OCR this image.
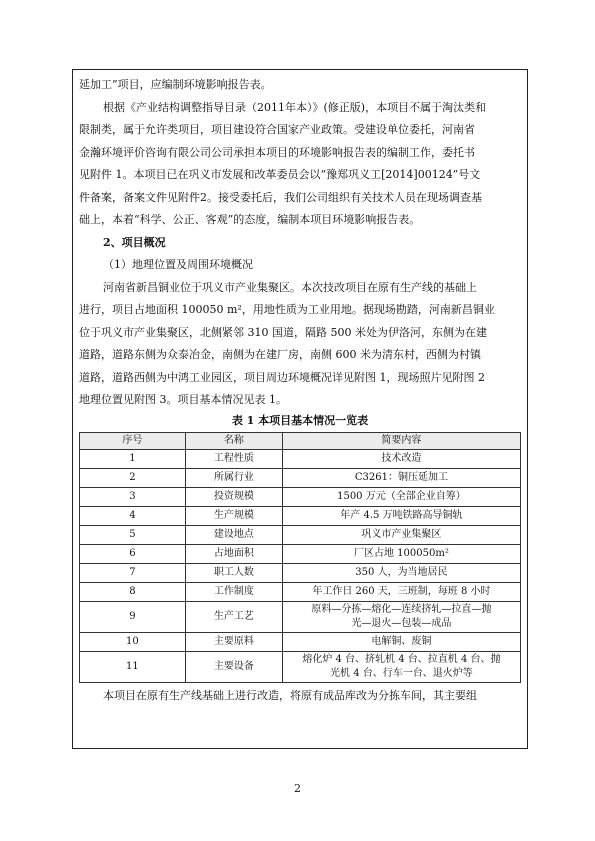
延加工”项目，应编制环境影响报告表。
根据《产业结构调整指导目录（2011年本）》(修正版)，本项目不属于淘汰类和
限制类，属于允许类项目，项目建设符合国家产业政策。受建设单位委托，河南省
金瀚环境评价咨询有限公司公司承担本项目的环境影响报告表的编制工作，委托书
见附件 1。本项目已在巩义市发展和改革委员会以“豫郑巩义工[2014]00124”号文
件备案，备案文件见附件2。接受委托后，我们公司组织有关技术人员在现场调查基
础上，本着“科学、公正、客观”的态度，编制本项目环境影响报告表。
2、项目概况
（1）地理位置及周围环境概况
河南省新昌铜业位于巩义市产业集聚区。本次技改项目在原有生产线的基础上
进行，项目占地面积 100050 m²，用地性质为工业用地。据现场勘踏，河南新昌铜业
位于巩义市产业集聚区，北侧紧邻 310 国道，隔路 500 米处为伊洛河，东侧为在建
道路，道路东侧为众泰冶金，南侧为在建厂房，南侧 600 米为清东村，西侧为村镇
道路，道路西侧为中鸿工业园区，项目周边环境概况详见附图 1，现场照片见附图 2
地理位置见附图 3。项目基本情况见表 1。
表 1 本项目基本情况一览表
序号	名称	简要内容
1	工程性质	技术改造

2	所属行业	C3261：铜压延加工

3	投资规模	1500 万元（全部企业自筹）

4	生产规模	年产 4.5 万吨铁路高导铜轨

5	建设地点	巩义市产业集聚区

6	占地面积	厂区占地 100050m²

7	职工人数	350 人，为当地居民

8	工作制度	年工作日 260 天，三班制，每班 8 小时

9	生产工艺	原料—分拣—熔化—连续挤轧—拉直—抛
光—退火—包装—成品

10	主要原料	电解铜、废铜

11	主要设备	熔化炉 4 台、挤轧机 4 台、拉直机 4 台、抛
光机 4 台、行车一台、退火炉等
本项目在原有生产线基础上进行改造，将原有成品库改为分拣车间，其主要组
2
